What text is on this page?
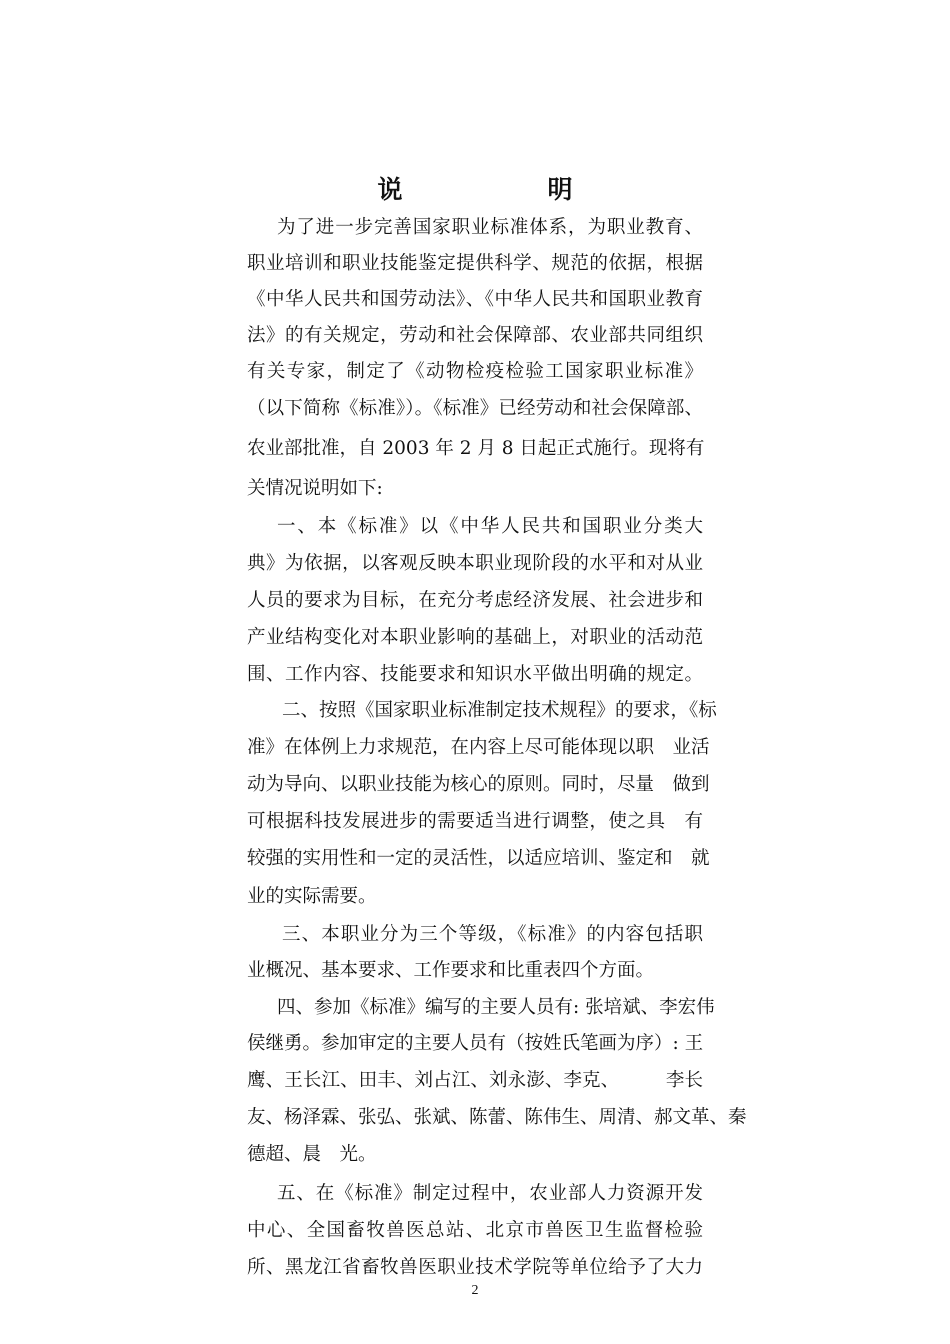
说　明
为了进一步完善国家职业标准体系，为职业教育、
职业培训和职业技能鉴定提供科学、规范的依据，根据
《中华人民共和国劳动法》、《中华人民共和国职业教育
法》的有关规定，劳动和社会保障部、农业部共同组织
有关专家，制定了《动物检疫检验工国家职业标准》
（以下简称《标准》）。《标准》已经劳动和社会保障部、
农业部批准，自 2003 年 2 月 8 日起正式施行。现将有
关情况说明如下:
一、本《标准》以《中华人民共和国职业分类大
典》为依据，以客观反映本职业现阶段的水平和对从业
人员的要求为目标，在充分考虑经济发展、社会进步和
产业结构变化对本职业影响的基础上，对职业的活动范
围、工作内容、技能要求和知识水平做出明确的规定。
二、按照《国家职业标准制定技术规程》的要求，《标
准》在体例上力求规范，在内容上尽可能体现以职　业活
动为导向、以职业技能为核心的原则。同时，尽量　做到
可根据科技发展进步的需要适当进行调整，使之具　有
较强的实用性和一定的灵活性，以适应培训、鉴定和　就
业的实际需要。
三、本职业分为三个等级，《标准》的内容包括职
业概况、基本要求、工作要求和比重表四个方面。
四、参加《标准》编写的主要人员有: 张培斌、李宏伟
侯继勇。参加审定的主要人员有（按姓氏笔画为序）: 王
鹰、王长江、田丰、刘占江、刘永澎、李克、　　　李长
友、杨泽霖、张弘、张斌、陈蕾、陈伟生、周清、郝文革、秦
德超、晨　光。
五、在《标准》制定过程中，农业部人力资源开发
中心、全国畜牧兽医总站、北京市兽医卫生监督检验
所、黑龙江省畜牧兽医职业技术学院等单位给予了大力
2
